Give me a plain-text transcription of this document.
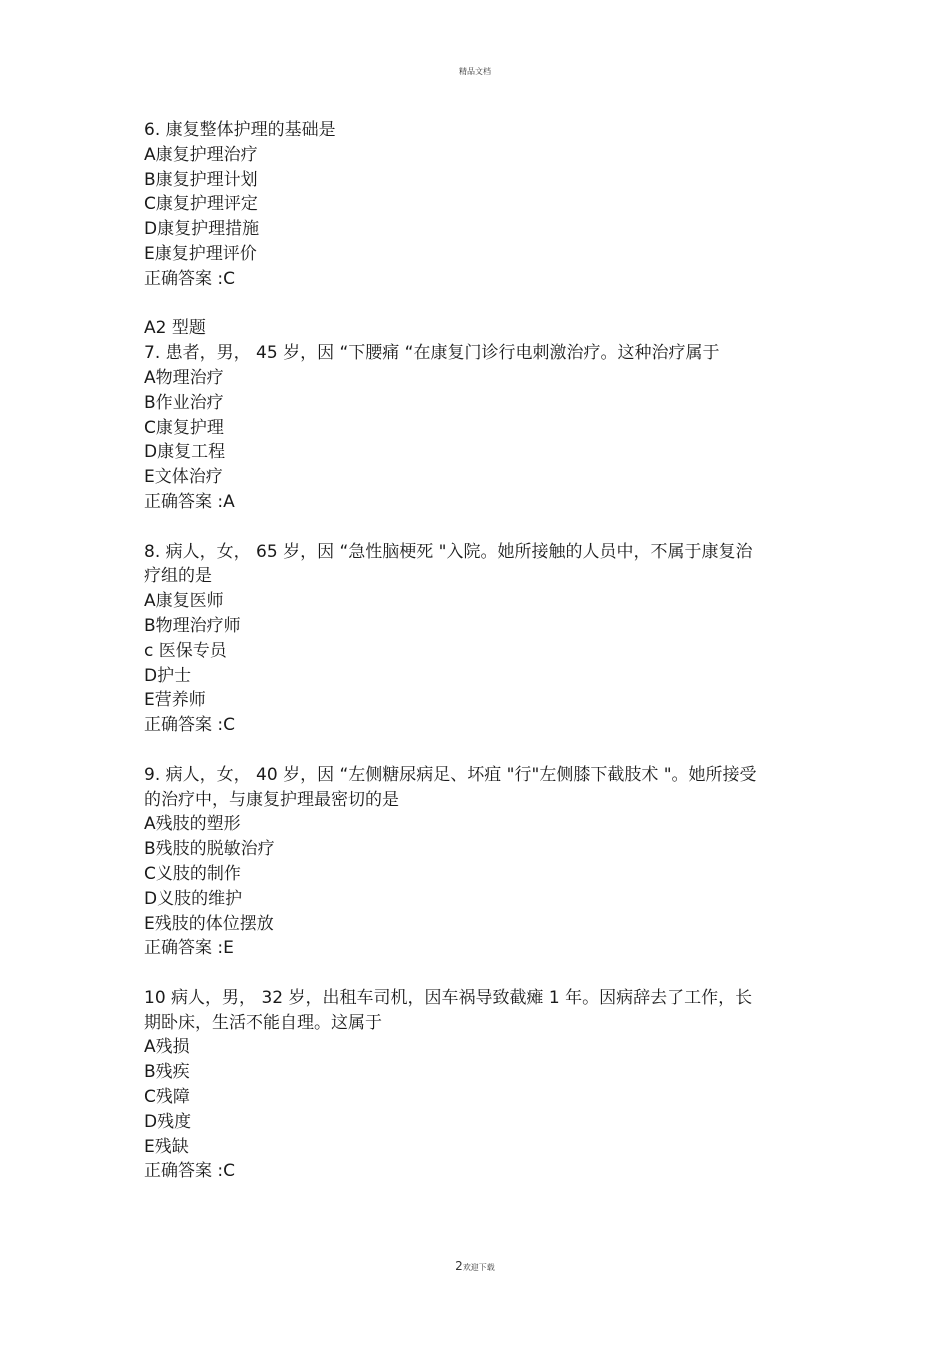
精品文档

6. 康复整体护理的基础是

A康复护理治疗

B康复护理计划

C康复护理评定

D康复护理措施

E康复护理评价

正确答案 :C

A2 型题

7. 患者，男， 45 岁，因 “下腰痛 “在康复门诊行电刺激治疗。这种治疗属于

A物理治疗

B作业治疗

C康复护理

D康复工程

E文体治疗

正确答案 :A

8. 病人，女， 65 岁，因 “急性脑梗死 "入院。她所接触的人员中，不属于康复治

疗组的是

A康复医师

B物理治疗师

c 医保专员

D护士

E营养师

正确答案 :C

9. 病人，女， 40 岁，因 “左侧糖尿病足、坏疽 "行"左侧膝下截肢术 "。她所接受

的治疗中，与康复护理最密切的是

A残肢的塑形

B残肢的脱敏治疗

C义肢的制作

D义肢的维护

E残肢的体位摆放

正确答案 :E

10 病人，男， 32 岁，出租车司机，因车祸导致截瘫 1 年。因病辞去了工作，长

期卧床，生活不能自理。这属于

A残损

B残疾

C残障

D残度

E残缺

正确答案 :C

2欢迎下载
